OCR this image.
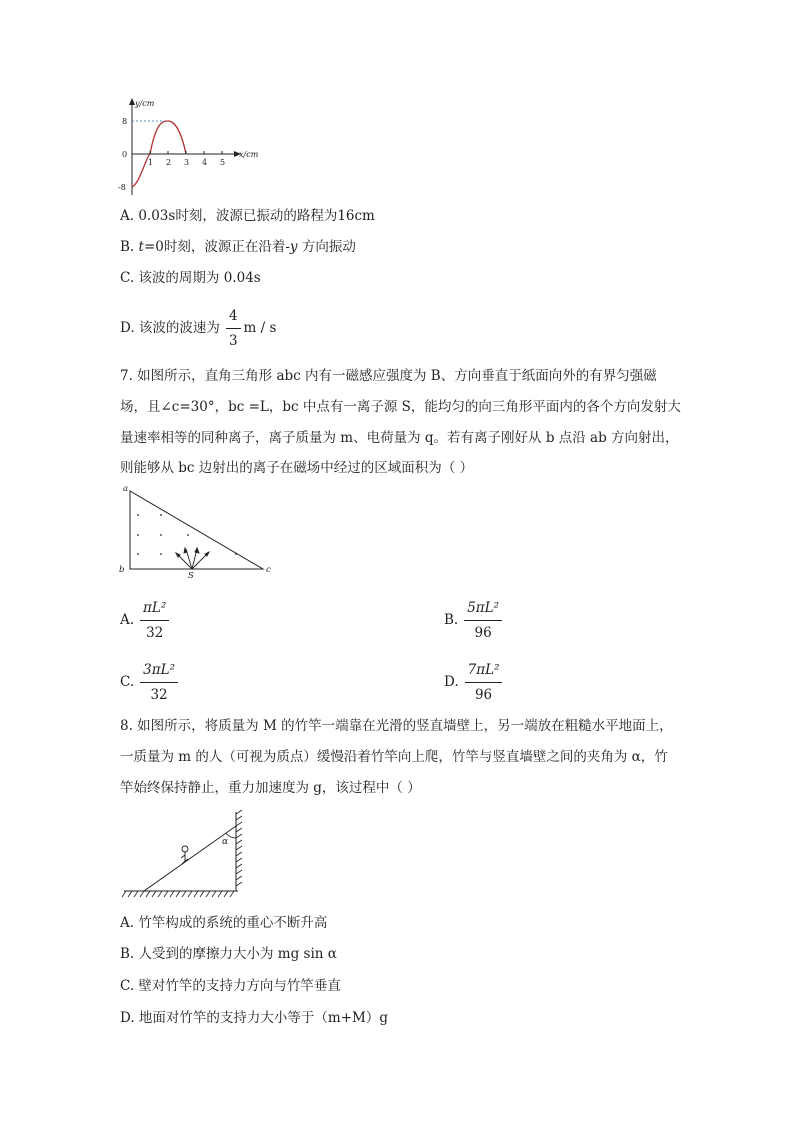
y/cm
x/cm
8
0
-8
1 2 3 4 5
A. 0.03s时刻，波源已振动的路程为16cm
B. t=0时刻，波源正在沿着-y 方向振动
C. 该波的周期为 0.04s
D. 该波的波速为 $\frac{4}{3}$ m / s
7. 如图所示，直角三角形 abc 内有一磁感应强度为 B、方向垂直于纸面向外的有界匀强磁
场，且∠c=30°，bc =L，bc 中点有一离子源 S，能均匀的向三角形平面内的各个方向发射大
量速率相等的同种离子，离子质量为 m、电荷量为 q。若有离子刚好从 b 点沿 ab 方向射出，
则能够从 bc 边射出的离子在磁场中经过的区域面积为（ ）
a
b	c
S
A. $\frac{\text{πL²}}{32}$	B. $\frac{\text{5πL²}}{96}$
C. $\frac{\text{3πL²}}{32}$	D. $\frac{\text{7πL²}}{96}$
8. 如图所示，将质量为 M 的竹竿一端靠在光滑的竖直墙壁上，另一端放在粗糙水平地面上，
一质量为 m 的人（可视为质点）缓慢沿着竹竿向上爬，竹竿与竖直墙壁之间的夹角为 α，竹
竿始终保持静止，重力加速度为 g，该过程中（ ）
α
A. 竹竿构成的系统的重心不断升高
B. 人受到的摩擦力大小为 mg sin α
C. 壁对竹竿的支持力方向与竹竿垂直
D. 地面对竹竿的支持力大小等于（m+M）g
